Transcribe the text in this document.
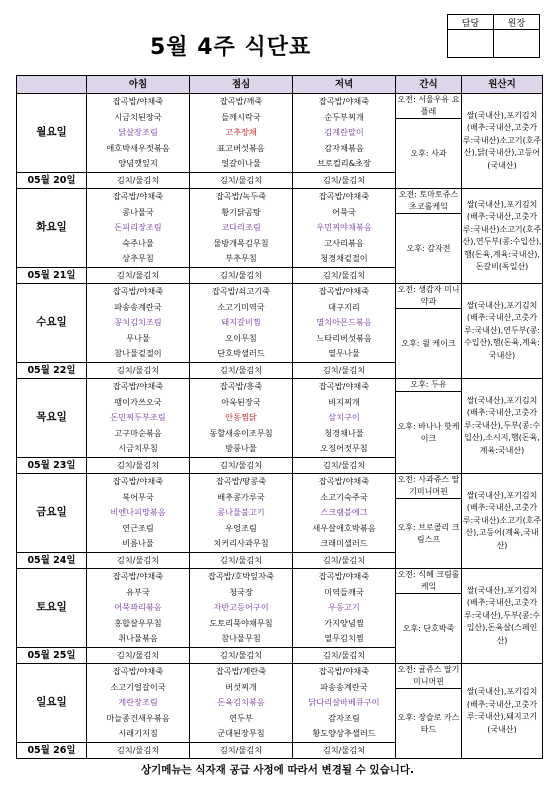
5월 4주 식단표
담당	원장

	아침	점심	저녁	간식	원산지
월요일	잡곡밥/야채죽
시금치된장국
닭살장조림
애호박새우젓볶음
양념깻잎지	잡곡밥/깨죽
들깨시락국
고추장채
표고버섯볶음
얼갈이나물	잡곡밥/야채죽
순두부찌개
김계란말이
감자채볶음
브로컬리&초장	오전: 서울우유 요플레	쌀(국내산),포기김치(배추:국내산,고춧가루:국내산)소고기(호주산),닭(국내산),고등어(국내산)
				오후: 사과	
05월 20일	김치/물김치	김치/물김치	김치/물김치		
화요일	잡곡밥/야채죽
콩나물국
돈피리장조림
숙주나물
상추무침	잡곡밥/녹두죽
황기닭곰탕
코다리조림
물방개목김무침
부추무침	잡곡밥/야채죽
어묵국
우민찌야채볶음
고사리볶음
청경채겉절이	오전: 토마토쥬스 초코롤케잌	쌀(국내산),포기김치(배추:국내산,고춧가루:국내산)소고기(호주산),연두부(콩:수입산),햄(돈육,계육:국내산),돈갈비(독일산)
				오후: 감자전	
05월 21일	김치/물김치	김치/물김치	김치/물김치		
수요일	잡곡밥/야채죽
파송송계란국
꽁치김치조림
무나물
참나물겉절이	잡곡밥/쇠고기죽
소고기미역국
돼지갈비찜
오이무침
단호박샐러드	잡곡밥/야채죽
대구지리
멸치아몬드볶음
느타리버섯볶음
열무나물	오전: 생감자 미니약과	쌀(국내산),포기김치(배추:국내산,고춧가루:국내산),연두부(콩:수입산),햄(돈육,계육:국내산)
				오후: 윌 케이크	
05월 22일	김치/물김치	김치/물김치	김치/물김치		
목요일	잡곡밥/야채죽
팽이가쓰오국
돈민찌두부조림
고구마순볶음
시금치무침	잡곡밥/흥죽
아욱된장국
안동찜닭
동할새송이조무침
방풍나물	잡곡밥/야채죽
비지찌개
삼치구이
청경채나물
오징어젓무침	오후: 두유	쌀(국내산),포기김치(배추:국내산,고춧가루:국내산),두부(콩:수입산),소시지,햄(돈육,계육:국내산)
				오후: 바나나 핫케이크	
05월 23일	김치/물김치	김치/물김치	김치/물김치		
금요일	잡곡밥/야채죽
북어무국
비엔나피망볶음
연근조림
비름나물	잡곡밥/땅콩죽
배추콩가루국
콩나물불고기
우엉조림
치커리사과무침	잡곡밥/야채죽
소고기숙주국
스크램블에그
새우살애호박볶음
크래미샐러드	오전: 사과쥬스 딸기미니머핀	쌀(국내산),포기김치(배추:국내산,고춧가루:국내산)소고기(호주산),고등어(계육,국내산)
				오후: 브로콜리 크림스프	
05월 24일	김치/물김치	김치/물김치	김치/물김치		
토요일	잡곡밥/야채죽
유부국
어묵꽈리볶음
홍합살우무침
취나물볶음	잡곡밥/호박잎자죽
청국장
자반고등어구이
도토리묵야채무침
참나물무침	잡곡밥/야채죽
미역들깨국
우동고기
가지양념찜
열무김치찜	오전: 식혜 크림롤케잌	쌀(국내산),포기김치(배추:국내산,고춧가루:국내산),두부(콩:수입산),돈육살(스페인산)
				오후: 단호박죽	
05월 25일	김치/물김치	김치/물김치	김치/물김치		
일요일	잡곡밥/야채죽
소고기얼갈이국
계란장조림
마늘종건새우볶음
시래기지짐	잡곡밥/계란죽
버섯찌개
돈육김치볶음
연두부
군대된장무침	잡곡밥/야채죽
파송송계란국
닭다리살바베큐구이
감자조림
황도양상추샐러드	오전: 귤쥬스 딸기미니머핀	쌀(국내산),포기김치(배추:국내산,고춧가루:국내산),돼지고기(국내산)
				오후: 장슬로 카스타드	
05월 26일	김치/물김치	김치/물김치	김치/물김치		
상기메뉴는 식자재 공급 사정에 따라서 변경될 수 있습니다.
